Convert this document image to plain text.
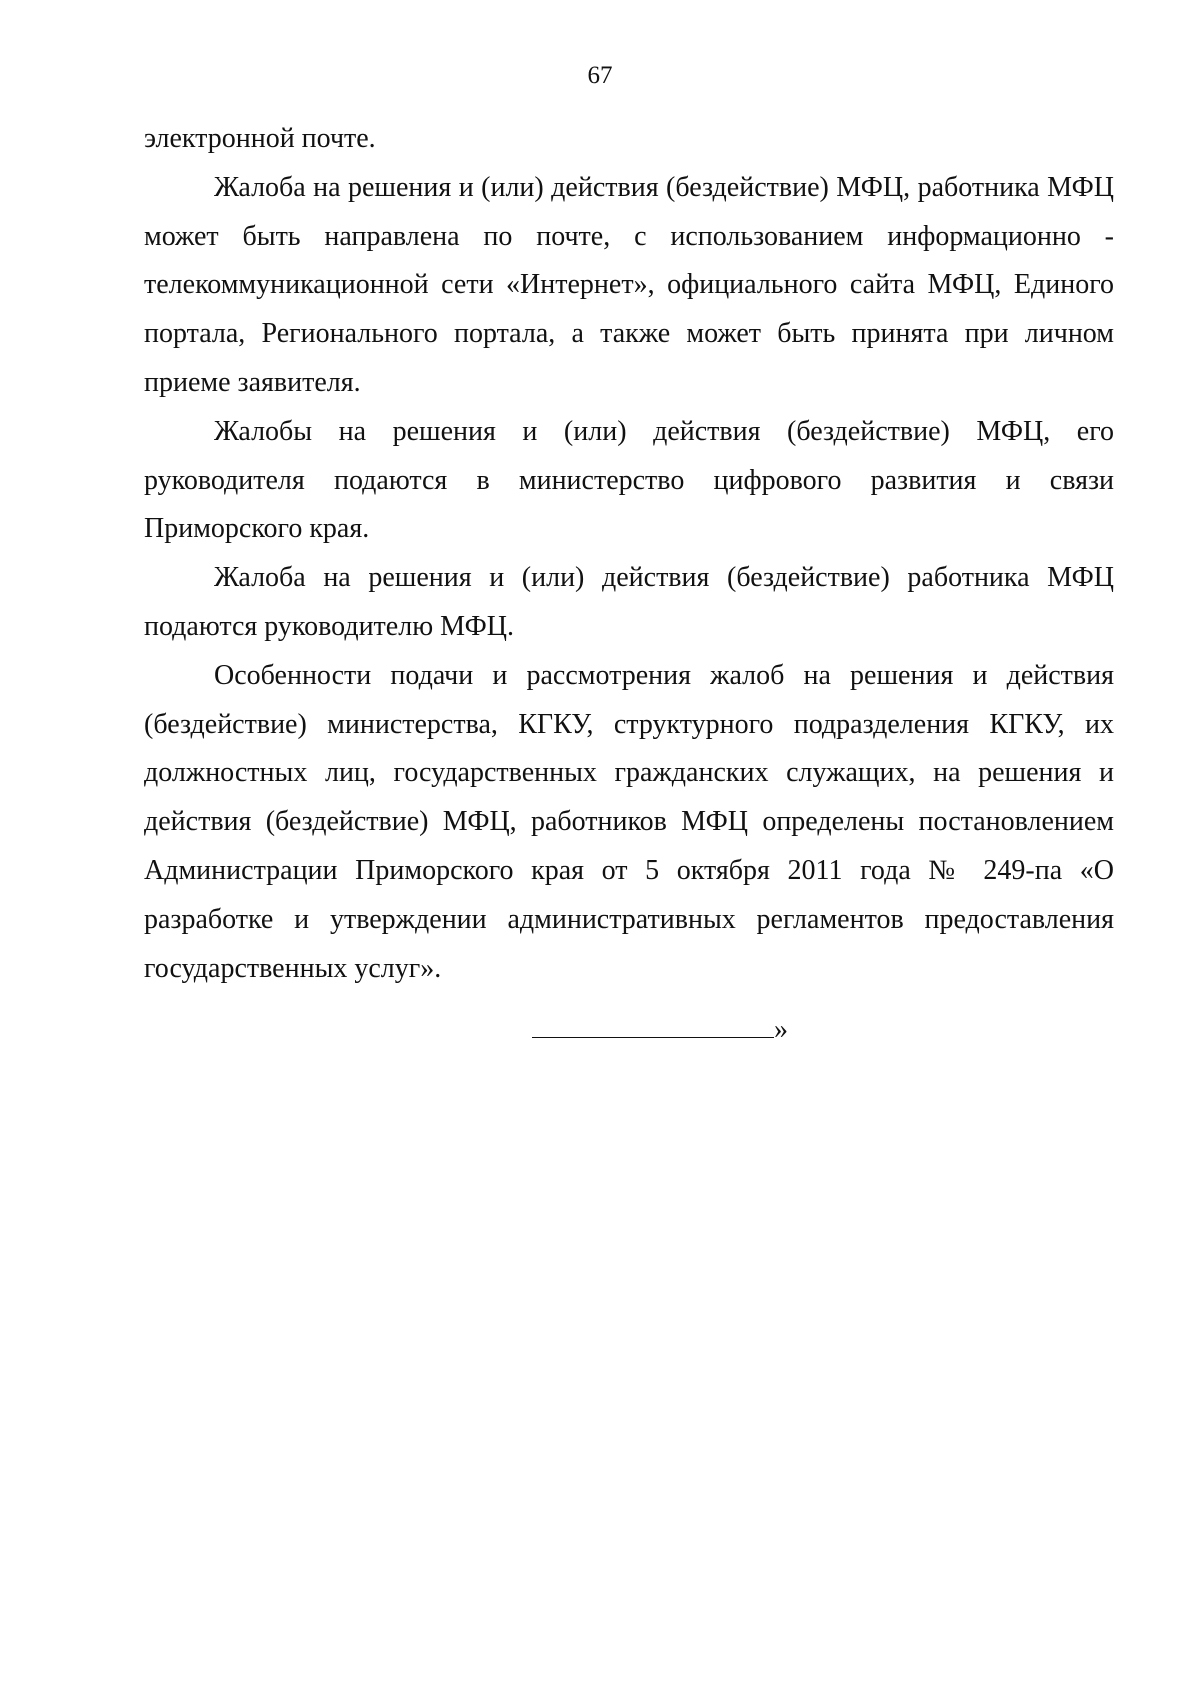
67

электронной почте.

Жалоба на решения и (или) действия (бездействие) МФЦ, работника МФЦ может быть направлена по почте, с использованием информационно - телекоммуникационной сети «Интернет», официального сайта МФЦ, Единого портала, Регионального портала, а также может быть принята при личном приеме заявителя.

Жалобы на решения и (или) действия (бездействие) МФЦ, его руководителя подаются в министерство цифрового развития и связи Приморского края.

Жалоба на решения и (или) действия (бездействие) работника МФЦ подаются руководителю МФЦ.

Особенности подачи и рассмотрения жалоб на решения и действия (бездействие) министерства, КГКУ, структурного подразделения КГКУ, их должностных лиц, государственных гражданских служащих, на решения и действия (бездействие) МФЦ, работников МФЦ определены постановлением Администрации Приморского края от 5 октября 2011 года № 249-па «О разработке и утверждении административных регламентов предоставления государственных услуг».

»
